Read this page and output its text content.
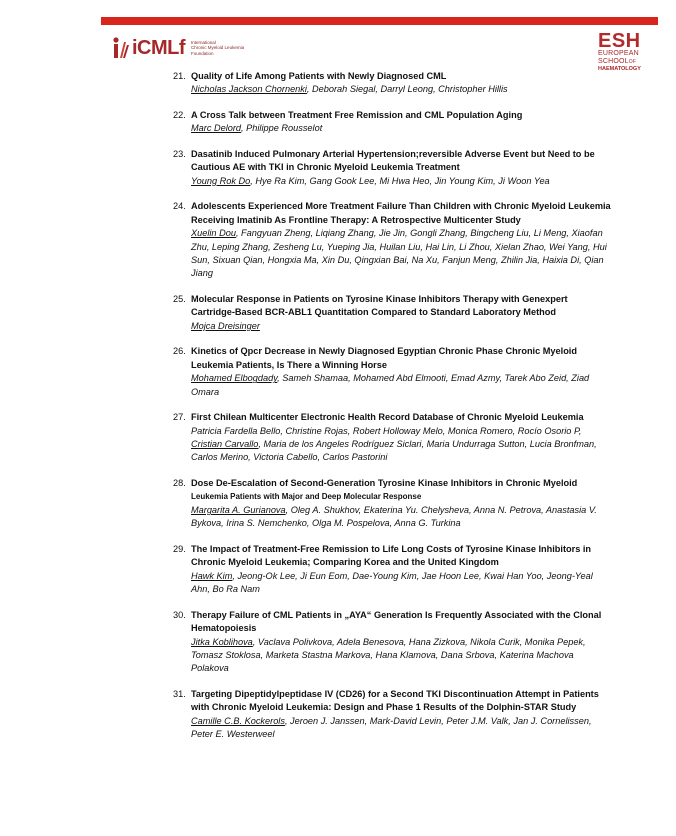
iCMLf International
Chronic Myeloid Leukemia
Foundation
ESH
EUROPEAN
SCHOOLOF
HAEMATOLOGY
21. Quality of Life Among Patients with Newly Diagnosed CML
Nicholas Jackson Chornenki, Deborah Siegal, Darryl Leong, Christopher Hillis
22. A Cross Talk between Treatment Free Remission and CML Population Aging
Marc Delord, Philippe Rousselot
23. Dasatinib Induced Pulmonary Arterial Hypertension;reversible Adverse Event but Need to be Cautious AE with TKI in Chronic Myeloid Leukemia Treatment
Young Rok Do, Hye Ra Kim, Gang Gook Lee, Mi Hwa Heo, Jin Young Kim, Ji Woon Yea
24. Adolescents Experienced More Treatment Failure Than Children with Chronic Myeloid Leukemia Receiving Imatinib As Frontline Therapy: A Retrospective Multicenter Study
Xuelin Dou, Fangyuan Zheng, Liqiang Zhang, Jie Jin, Gongli Zhang, Bingcheng Liu, Li Meng, Xiaofan Zhu, Leping Zhang, Zesheng Lu, Yueping Jia, Huilan Liu, Hai Lin, Li Zhou, Xielan Zhao, Wei Yang, Hui Sun, Sixuan Qian, Hongxia Ma, Xin Du, Qingxian Bai, Na Xu, Fanjun Meng, Zhilin Jia, Haixia Di, Qian Jiang
25. Molecular Response in Patients on Tyrosine Kinase Inhibitors Therapy with Genexpert Cartridge-Based BCR-ABL1 Quantitation Compared to Standard Laboratory Method
Mojca Dreisinger
26. Kinetics of Qpcr Decrease in Newly Diagnosed Egyptian Chronic Phase Chronic Myeloid Leukemia Patients, Is There a Winning Horse
Mohamed Elbogdady, Sameh Shamaa, Mohamed Abd Elmooti, Emad Azmy, Tarek Abo Zeid, Ziad Omara
27. First Chilean Multicenter Electronic Health Record Database of Chronic Myeloid Leukemia
Patricia Fardella Bello, Christine Rojas, Robert Holloway Melo, Monica Romero, Rocío Osorio P, Cristian Carvallo, Maria de los Angeles Rodríguez Siclari, Maria Undurraga Sutton, Lucia Bronfman, Carlos Merino, Victoria Cabello, Carlos Pastorini
28. Dose De-Escalation of Second-Generation Tyrosine Kinase Inhibitors in Chronic Myeloid
Leukemia Patients with Major and Deep Molecular Response
Margarita A. Gurianova, Oleg A. Shukhov, Ekaterina Yu. Chelysheva, Anna N. Petrova, Anastasia V. Bykova, Irina S. Nemchenko, Olga M. Pospelova, Anna G. Turkina
29. The Impact of Treatment-Free Remission to Life Long Costs of Tyrosine Kinase Inhibitors in Chronic Myeloid Leukemia; Comparing Korea and the United Kingdom
Hawk Kim, Jeong-Ok Lee, Ji Eun Eom, Dae-Young Kim, Jae Hoon Lee, Kwai Han Yoo, Jeong-Yeal Ahn, Bo Ra Nam
30. Therapy Failure of CML Patients in „AYA“ Generation Is Frequently Associated with the Clonal Hematopoiesis
Jitka Koblihova, Vaclava Polivkova, Adela Benesova, Hana Zizkova, Nikola Curik, Monika Pepek, Tomasz Stoklosa, Marketa Stastna Markova, Hana Klamova, Dana Srbova, Katerina Machova Polakova
31. Targeting Dipeptidylpeptidase IV (CD26) for a Second TKI Discontinuation Attempt in Patients with Chronic Myeloid Leukemia: Design and Phase 1 Results of the Dolphin-STAR Study
Camille C.B. Kockerols, Jeroen J. Janssen, Mark-David Levin, Peter J.M. Valk, Jan J. Cornelissen, Peter E. Westerweel
